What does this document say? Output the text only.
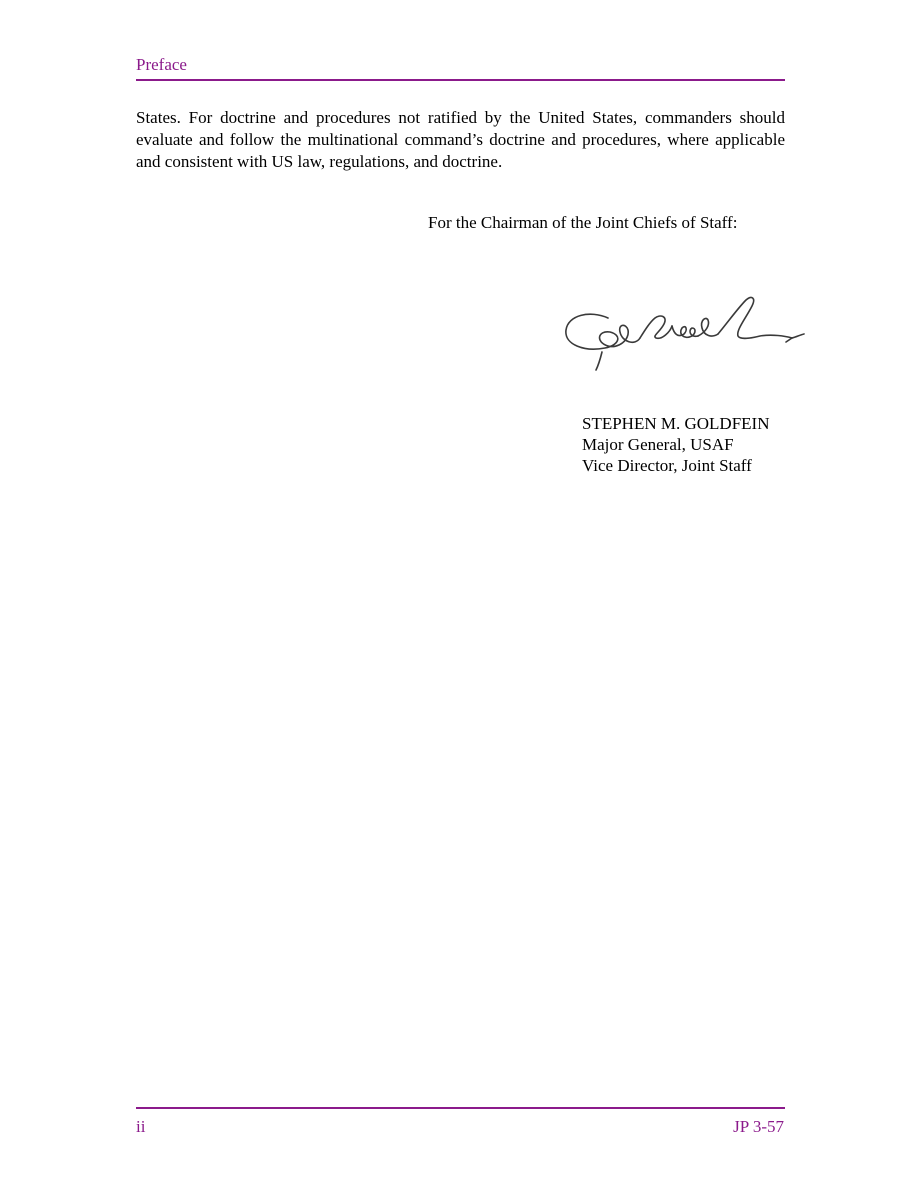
Preface
States. For doctrine and procedures not ratified by the United States, commanders should evaluate and follow the multinational command’s doctrine and procedures, where applicable and consistent with US law, regulations, and doctrine.
For the Chairman of the Joint Chiefs of Staff:
STEPHEN M. GOLDFEIN
Major General, USAF
Vice Director, Joint Staff
ii	JP 3-57
